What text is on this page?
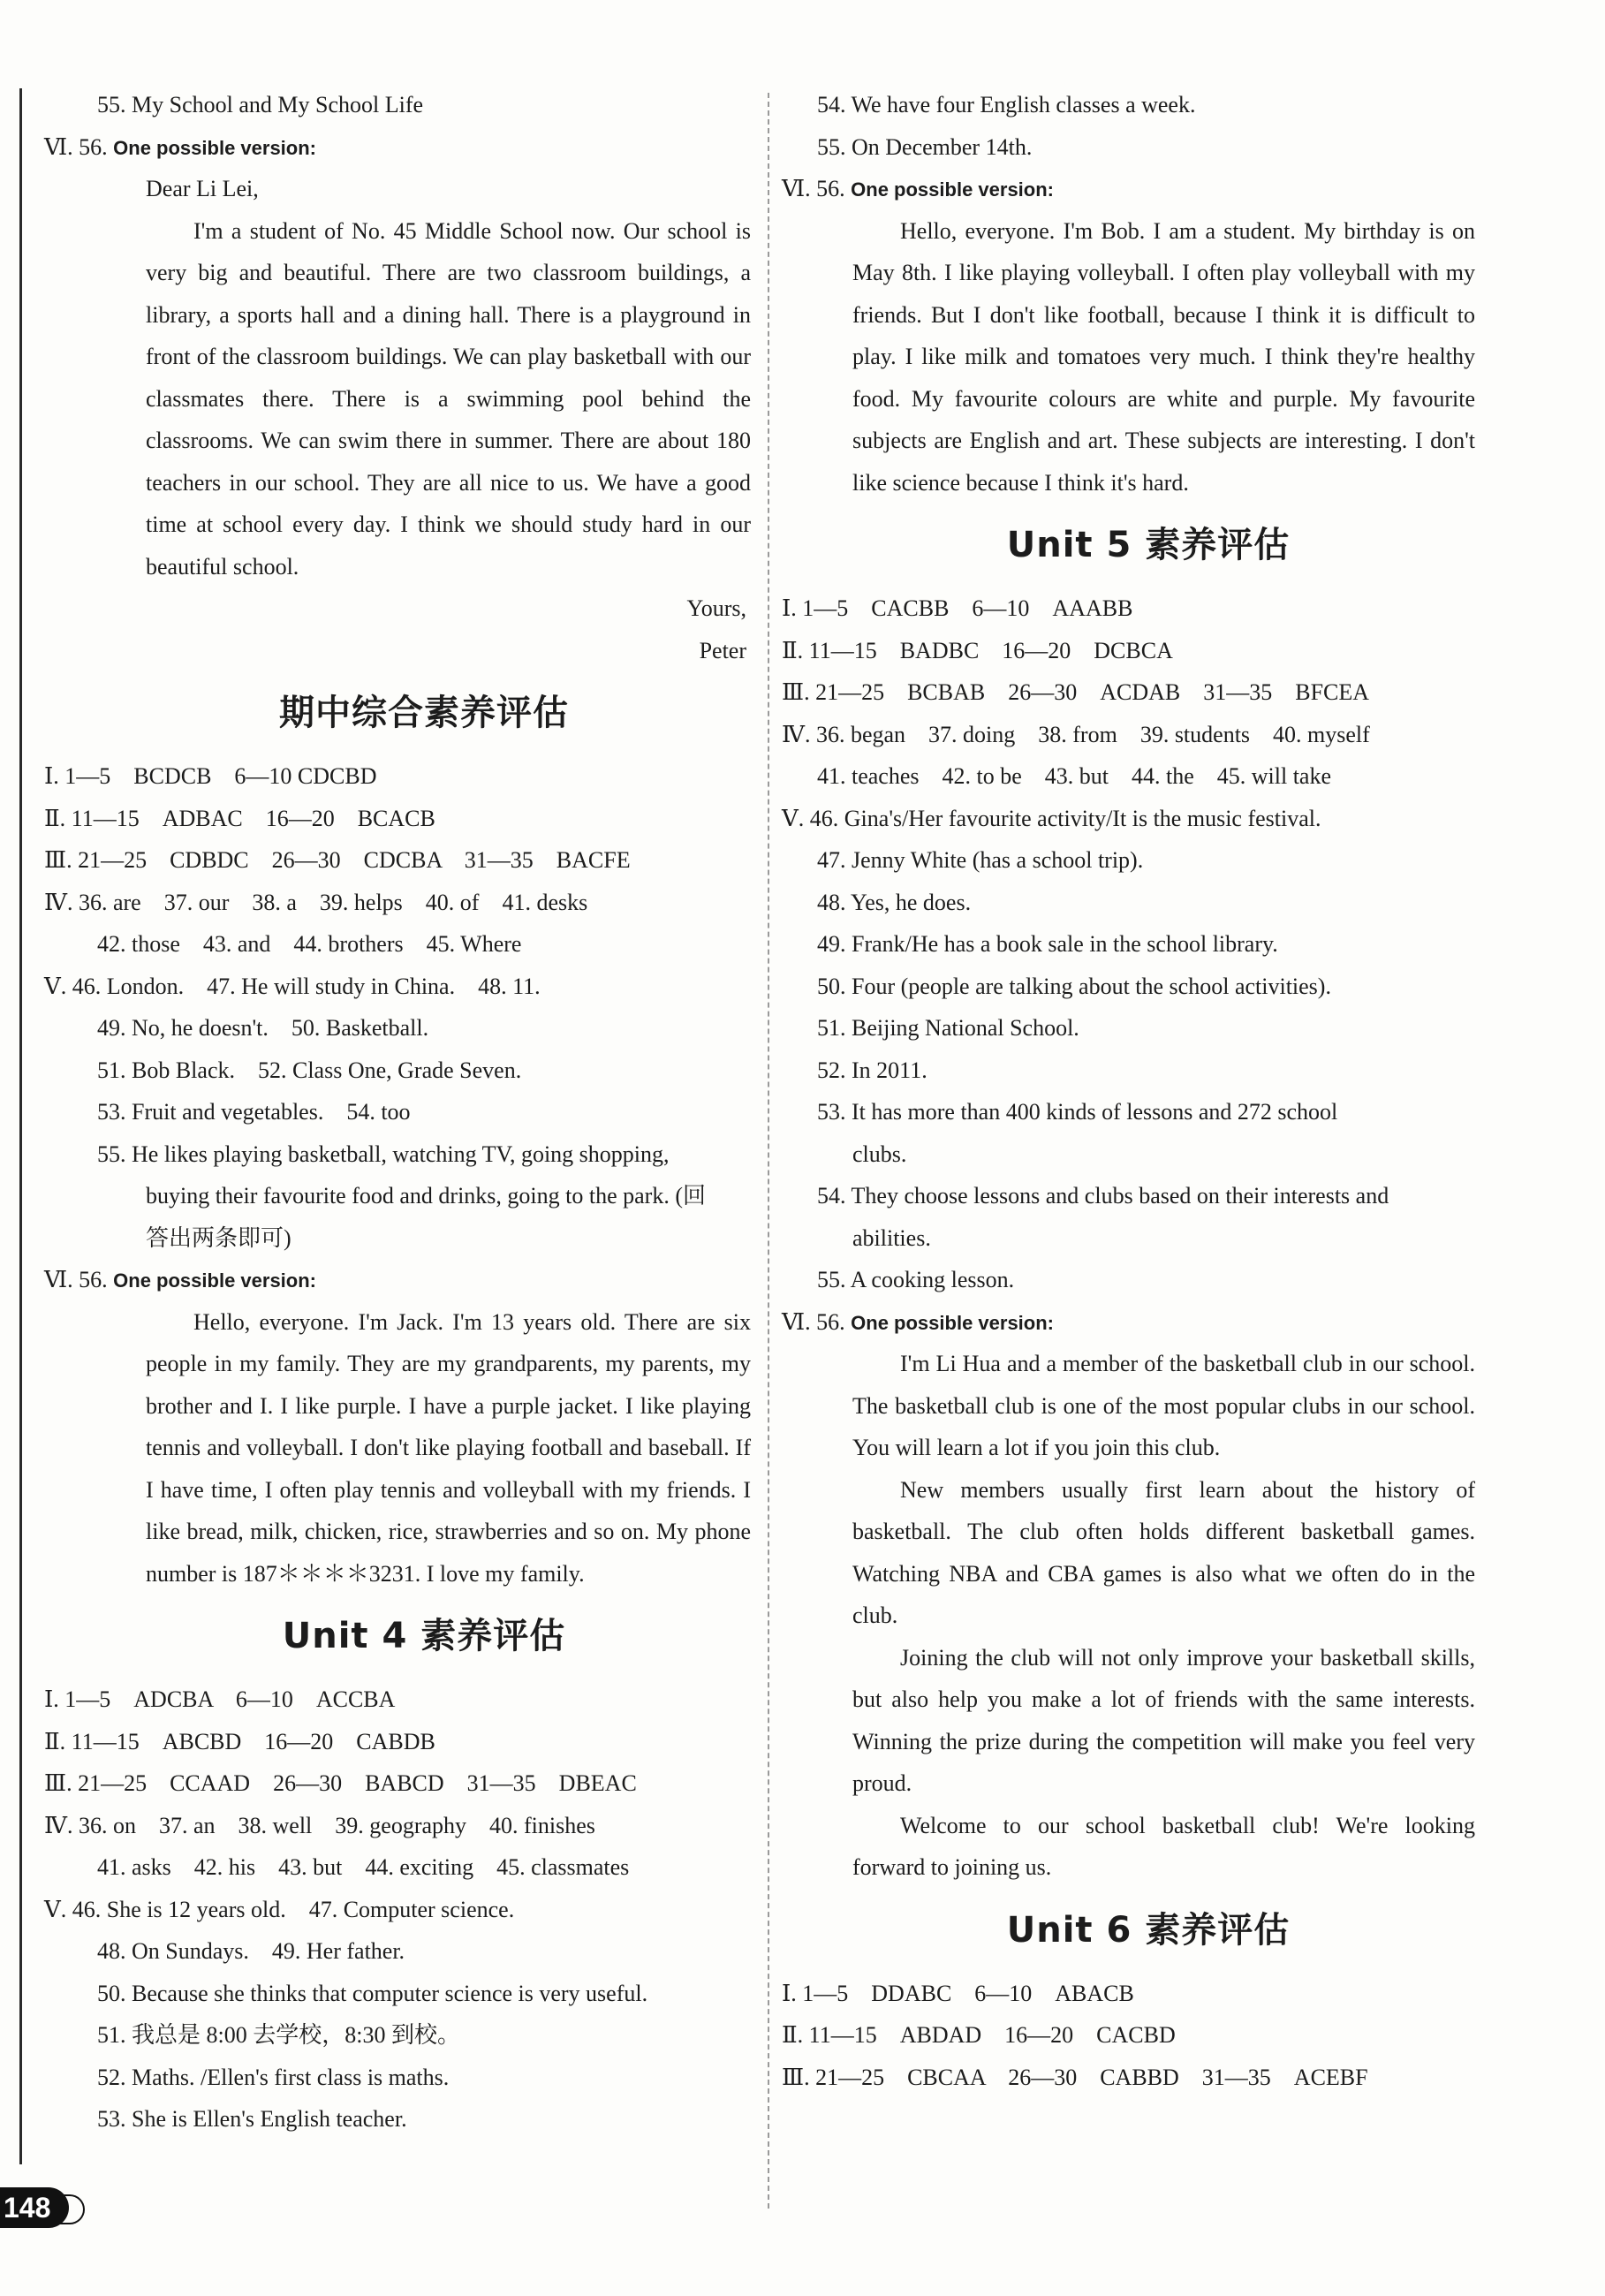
55. My School and My School Life
Ⅵ. 56. One possible version:
Dear Li Lei,

I'm a student of No. 45 Middle School now. Our school is very big and beautiful. There are two classroom buildings, a library, a sports hall and a dining hall. There is a playground in front of the classroom buildings. We can play basketball with our classmates there. There is a swimming pool behind the classrooms. We can swim there in summer. There are about 180 teachers in our school. They are all nice to us. We have a good time at school every day. I think we should study hard in our beautiful school.

Yours,
Peter
期中综合素养评估
Ⅰ. 1—5　BCDCB　6—10 CDCBD
Ⅱ. 11—15　ADBAC　16—20　BCACB
Ⅲ. 21—25　CDBDC　26—30　CDCBA　31—35　BACFE
Ⅳ. 36. are　37. our　38. a　39. helps　40. of　41. desks
42. those　43. and　44. brothers　45. Where
Ⅴ. 46. London.　47. He will study in China.　48. 11.
49. No, he doesn't.　50. Basketball.
51. Bob Black.　52. Class One, Grade Seven.
53. Fruit and vegetables.　54. too
55. He likes playing basketball, watching TV, going shopping,
buying their favourite food and drinks, going to the park. (回
答出两条即可)
Ⅵ. 56. One possible version:

Hello, everyone. I'm Jack. I'm 13 years old. There are six people in my family. They are my grandparents, my parents, my brother and I. I like purple. I have a purple jacket. I like playing tennis and volleyball. I don't like playing football and baseball. If I have time, I often play tennis and volleyball with my friends. I like bread, milk, chicken, rice, strawberries and so on. My phone number is 187＊＊＊＊3231. I love my family.

Unit 4 素养评估
Ⅰ. 1—5　ADCBA　6—10　ACCBA
Ⅱ. 11—15　ABCBD　16—20　CABDB
Ⅲ. 21—25　CCAAD　26—30　BABCD　31—35　DBEAC
Ⅳ. 36. on　37. an　38. well　39. geography　40. finishes
41. asks　42. his　43. but　44. exciting　45. classmates
Ⅴ. 46. She is 12 years old.　47. Computer science.
48. On Sundays.　49. Her father.
50. Because she thinks that computer science is very useful.
51. 我总是 8:00 去学校，8:30 到校。
52. Maths. /Ellen's first class is maths.
53. She is Ellen's English teacher.
54. We have four English classes a week.
55. On December 14th.
Ⅵ. 56. One possible version:

Hello, everyone. I'm Bob. I am a student. My birthday is on May 8th. I like playing volleyball. I often play volleyball with my friends. But I don't like football, because I think it is difficult to play. I like milk and tomatoes very much. I think they're healthy food. My favourite colours are white and purple. My favourite subjects are English and art. These subjects are interesting. I don't like science because I think it's hard.

Unit 5 素养评估
Ⅰ. 1—5　CACBB　6—10　AAABB
Ⅱ. 11—15　BADBC　16—20　DCBCA
Ⅲ. 21—25　BCBAB　26—30　ACDAB　31—35　BFCEA
Ⅳ. 36. began　37. doing　38. from　39. students　40. myself
41. teaches　42. to be　43. but　44. the　45. will take
Ⅴ. 46. Gina's/Her favourite activity/It is the music festival.
47. Jenny White (has a school trip).
48. Yes, he does.
49. Frank/He has a book sale in the school library.
50. Four (people are talking about the school activities).
51. Beijing National School.
52. In 2011.
53. It has more than 400 kinds of lessons and 272 school
clubs.
54. They choose lessons and clubs based on their interests and
abilities.
55. A cooking lesson.
Ⅵ. 56. One possible version:

I'm Li Hua and a member of the basketball club in our school. The basketball club is one of the most popular clubs in our school. You will learn a lot if you join this club.

New members usually first learn about the history of basketball. The club often holds different basketball games. Watching NBA and CBA games is also what we often do in the club.

Joining the club will not only improve your basketball skills, but also help you make a lot of friends with the same interests. Winning the prize during the competition will make you feel very proud.

Welcome to our school basketball club! We're looking forward to joining us.

Unit 6 素养评估
Ⅰ. 1—5　DDABC　6—10　ABACB
Ⅱ. 11—15　ABDAD　16—20　CACBD
Ⅲ. 21—25　CBCAA　26—30　CABBD　31—35　ACEBF
148
